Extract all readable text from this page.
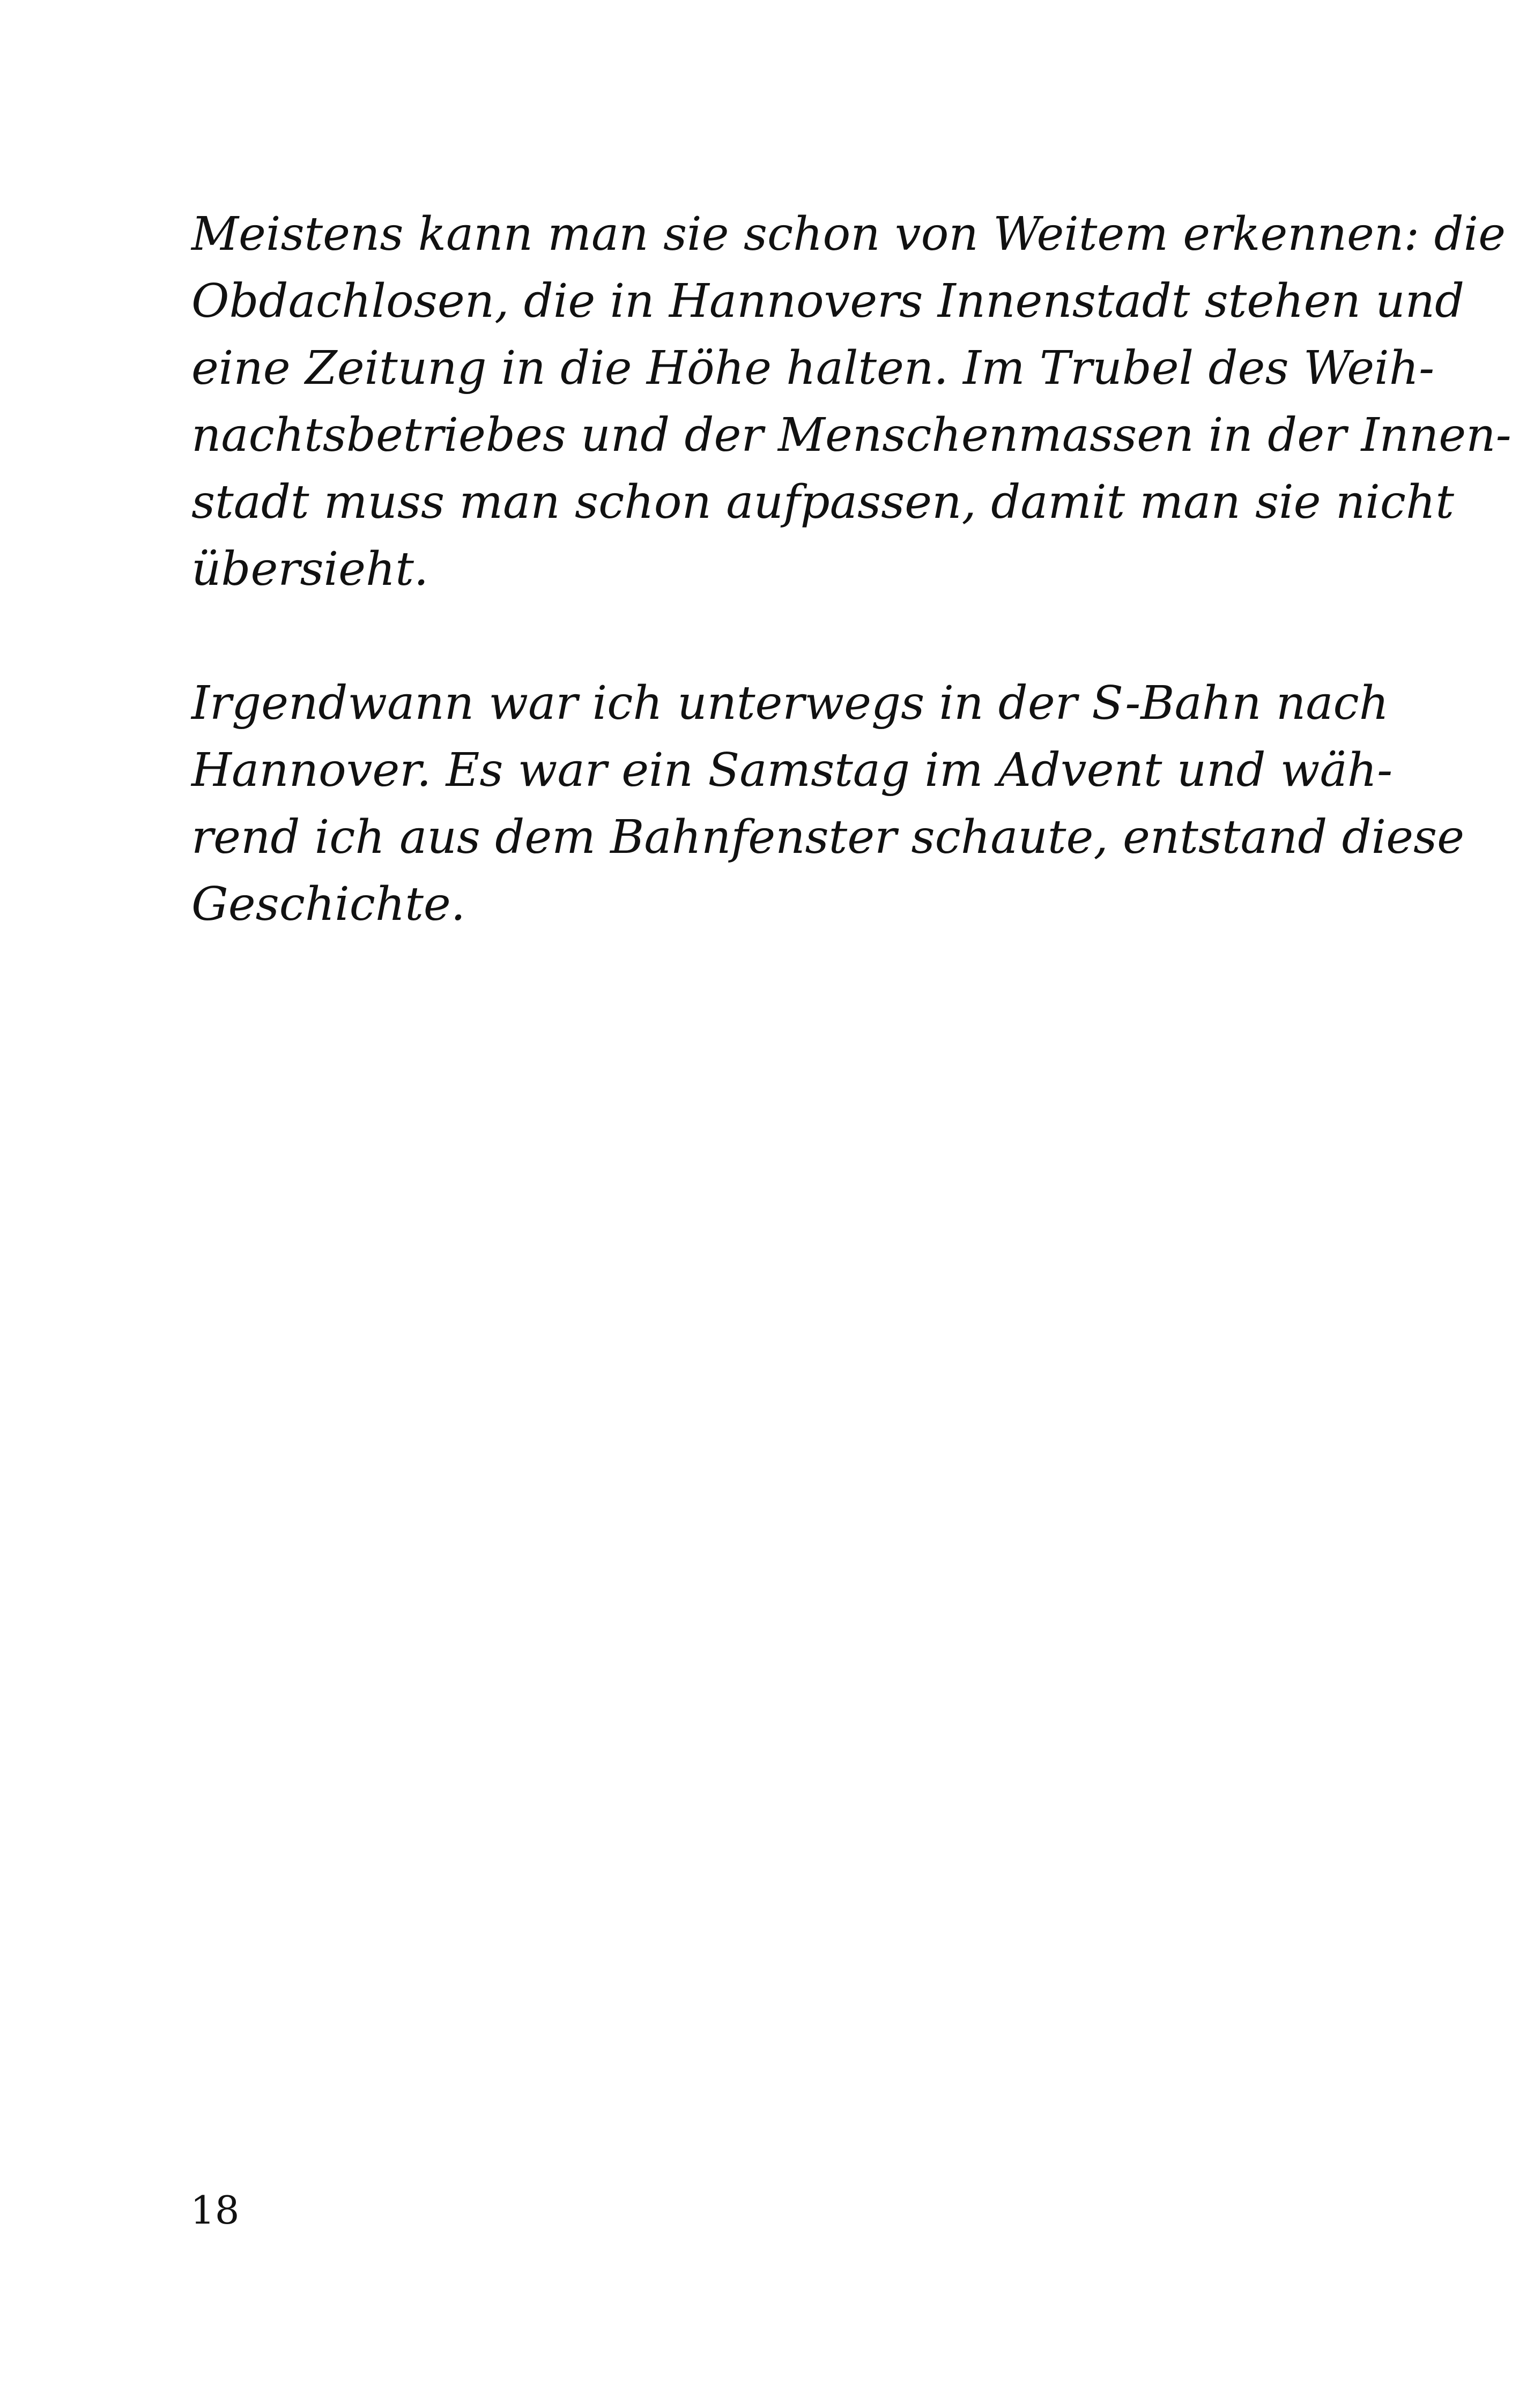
Meistens kann man sie schon von Weitem erkennen: die
Obdachlosen, die in Hannovers Innenstadt stehen und
eine Zeitung in die Höhe halten. Im Trubel des Weih-
nachtsbetriebes und der Menschenmassen in der Innen-
stadt muss man schon aufpassen, damit man sie nicht
übersieht.
Irgendwann war ich unterwegs in der S-Bahn nach
Hannover. Es war ein Samstag im Advent und wäh-
rend ich aus dem Bahnfenster schaute, entstand diese
Geschichte.
18
